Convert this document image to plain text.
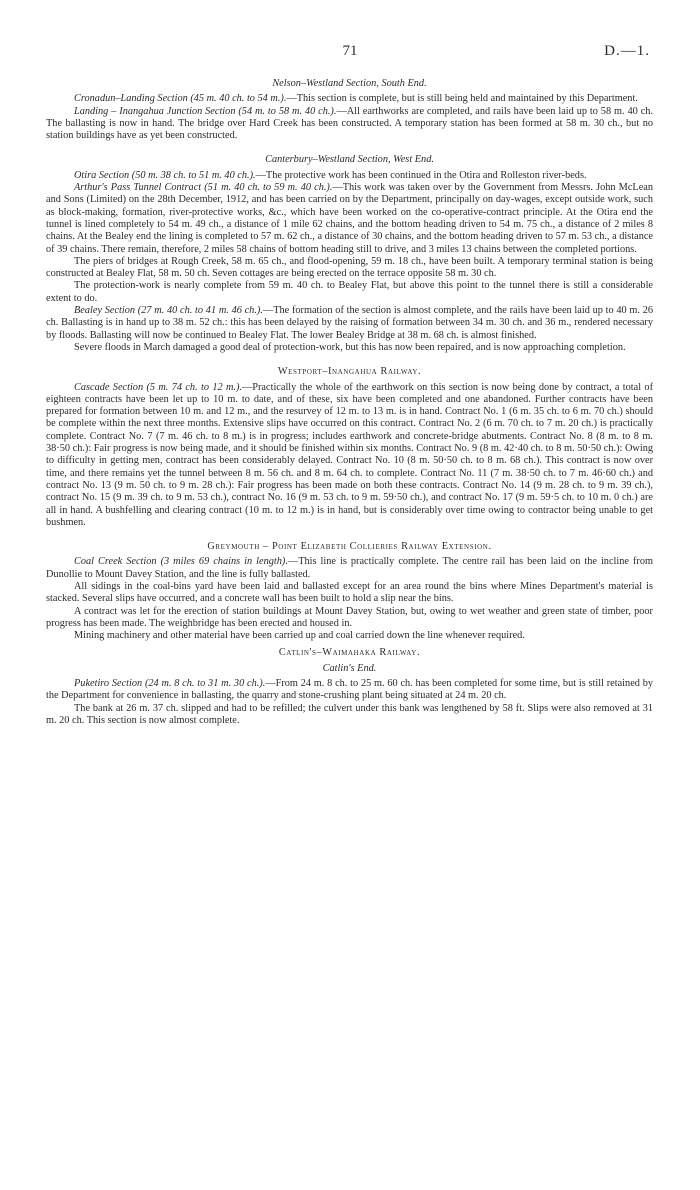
71	D.—1.
Nelson–Westland Section, South End.

Cronadun–Landing Section (45 m. 40 ch. to 54 m.).—This section is complete, but is still being held and maintained by this Department.

Landing – Inangahua Junction Section (54 m. to 58 m. 40 ch.).—All earthworks are completed, and rails have been laid up to 58 m. 40 ch. The ballasting is now in hand. The bridge over Hard Creek has been constructed. A temporary station has been formed at 58 m. 30 ch., but no station buildings have as yet been constructed.

Canterbury–Westland Section, West End.

Otira Section (50 m. 38 ch. to 51 m. 40 ch.).—The protective work has been continued in the Otira and Rolleston river-beds.

Arthur's Pass Tunnel Contract (51 m. 40 ch. to 59 m. 40 ch.).—This work was taken over by the Government from Messrs. John McLean and Sons (Limited) on the 28th December, 1912, and has been carried on by the Department, principally on day-wages, except outside work, such as block-making, formation, river-protective works, &c., which have been worked on the co-operative-contract principle. At the Otira end the tunnel is lined completely to 54 m. 49 ch., a distance of 1 mile 62 chains, and the bottom heading driven to 54 m. 75 ch., a distance of 2 miles 8 chains. At the Bealey end the lining is completed to 57 m. 62 ch., a distance of 30 chains, and the bottom heading driven to 57 m. 53 ch., a distance of 39 chains. There remain, therefore, 2 miles 58 chains of bottom heading still to drive, and 3 miles 13 chains between the completed portions.

The piers of bridges at Rough Creek, 58 m. 65 ch., and flood-opening, 59 m. 18 ch., have been built. A temporary terminal station is being constructed at Bealey Flat, 58 m. 50 ch. Seven cottages are being erected on the terrace opposite 58 m. 30 ch.

The protection-work is nearly complete from 59 m. 40 ch. to Bealey Flat, but above this point to the tunnel there is still a considerable extent to do.

Bealey Section (27 m. 40 ch. to 41 m. 46 ch.).—The formation of the section is almost complete, and the rails have been laid up to 40 m. 26 ch. Ballasting is in hand up to 38 m. 52 ch.: this has been delayed by the raising of formation between 34 m. 30 ch. and 36 m., rendered necessary by floods. Ballasting will now be continued to Bealey Flat. The lower Bealey Bridge at 38 m. 68 ch. is almost finished.

Severe floods in March damaged a good deal of protection-work, but this has now been repaired, and is now approaching completion.

Westport–Inangahua Railway.

Cascade Section (5 m. 74 ch. to 12 m.).—Practically the whole of the earthwork on this section is now being done by contract, a total of eighteen contracts have been let up to 10 m. to date, and of these, six have been completed and one abandoned. Further contracts have been prepared for formation between 10 m. and 12 m., and the resurvey of 12 m. to 13 m. is in hand. Contract No. 1 (6 m. 35 ch. to 6 m. 70 ch.) should be complete within the next three months. Extensive slips have occurred on this contract. Contract No. 2 (6 m. 70 ch. to 7 m. 20 ch.) is practically complete. Contract No. 7 (7 m. 46 ch. to 8 m.) is in progress; includes earthwork and concrete-bridge abutments. Contract No. 8 (8 m. to 8 m. 38·50 ch.): Fair progress is now being made, and it should be finished within six months. Contract No. 9 (8 m. 42·40 ch. to 8 m. 50·50 ch.): Owing to difficulty in getting men, contract has been considerably delayed. Contract No. 10 (8 m. 50·50 ch. to 8 m. 68 ch.). This contract is now over time, and there remains yet the tunnel between 8 m. 56 ch. and 8 m. 64 ch. to complete. Contract No. 11 (7 m. 38·50 ch. to 7 m. 46·60 ch.) and contract No. 13 (9 m. 50 ch. to 9 m. 28 ch.): Fair progress has been made on both these contracts. Contract No. 14 (9 m. 28 ch. to 9 m. 39 ch.), contract No. 15 (9 m. 39 ch. to 9 m. 53 ch.), contract No. 16 (9 m. 53 ch. to 9 m. 59·50 ch.), and contract No. 17 (9 m. 59·5 ch. to 10 m. 0 ch.) are all in hand. A bushfelling and clearing contract (10 m. to 12 m.) is in hand, but is considerably over time owing to contractor being unable to get bushmen.

Greymouth – Point Elizabeth Collieries Railway Extension.

Coal Creek Section (3 miles 69 chains in length).—This line is practically complete. The centre rail has been laid on the incline from Dunollie to Mount Davey Station, and the line is fully ballasted.

All sidings in the coal-bins yard have been laid and ballasted except for an area round the bins where Mines Department's material is stacked. Several slips have occurred, and a concrete wall has been built to hold a slip near the bins.

A contract was let for the erection of station buildings at Mount Davey Station, but, owing to wet weather and green state of timber, poor progress has been made. The weighbridge has been erected and housed in.

Mining machinery and other material have been carried up and coal carried down the line whenever required.

Catlin's–Waimahaka Railway.
Catlin's End.

Puketiro Section (24 m. 8 ch. to 31 m. 30 ch.).—From 24 m. 8 ch. to 25 m. 60 ch. has been completed for some time, but is still retained by the Department for convenience in ballasting, the quarry and stone-crushing plant being situated at 24 m. 20 ch.

The bank at 26 m. 37 ch. slipped and had to be refilled; the culvert under this bank was lengthened by 58 ft. Slips were also removed at 31 m. 20 ch. This section is now almost complete.
